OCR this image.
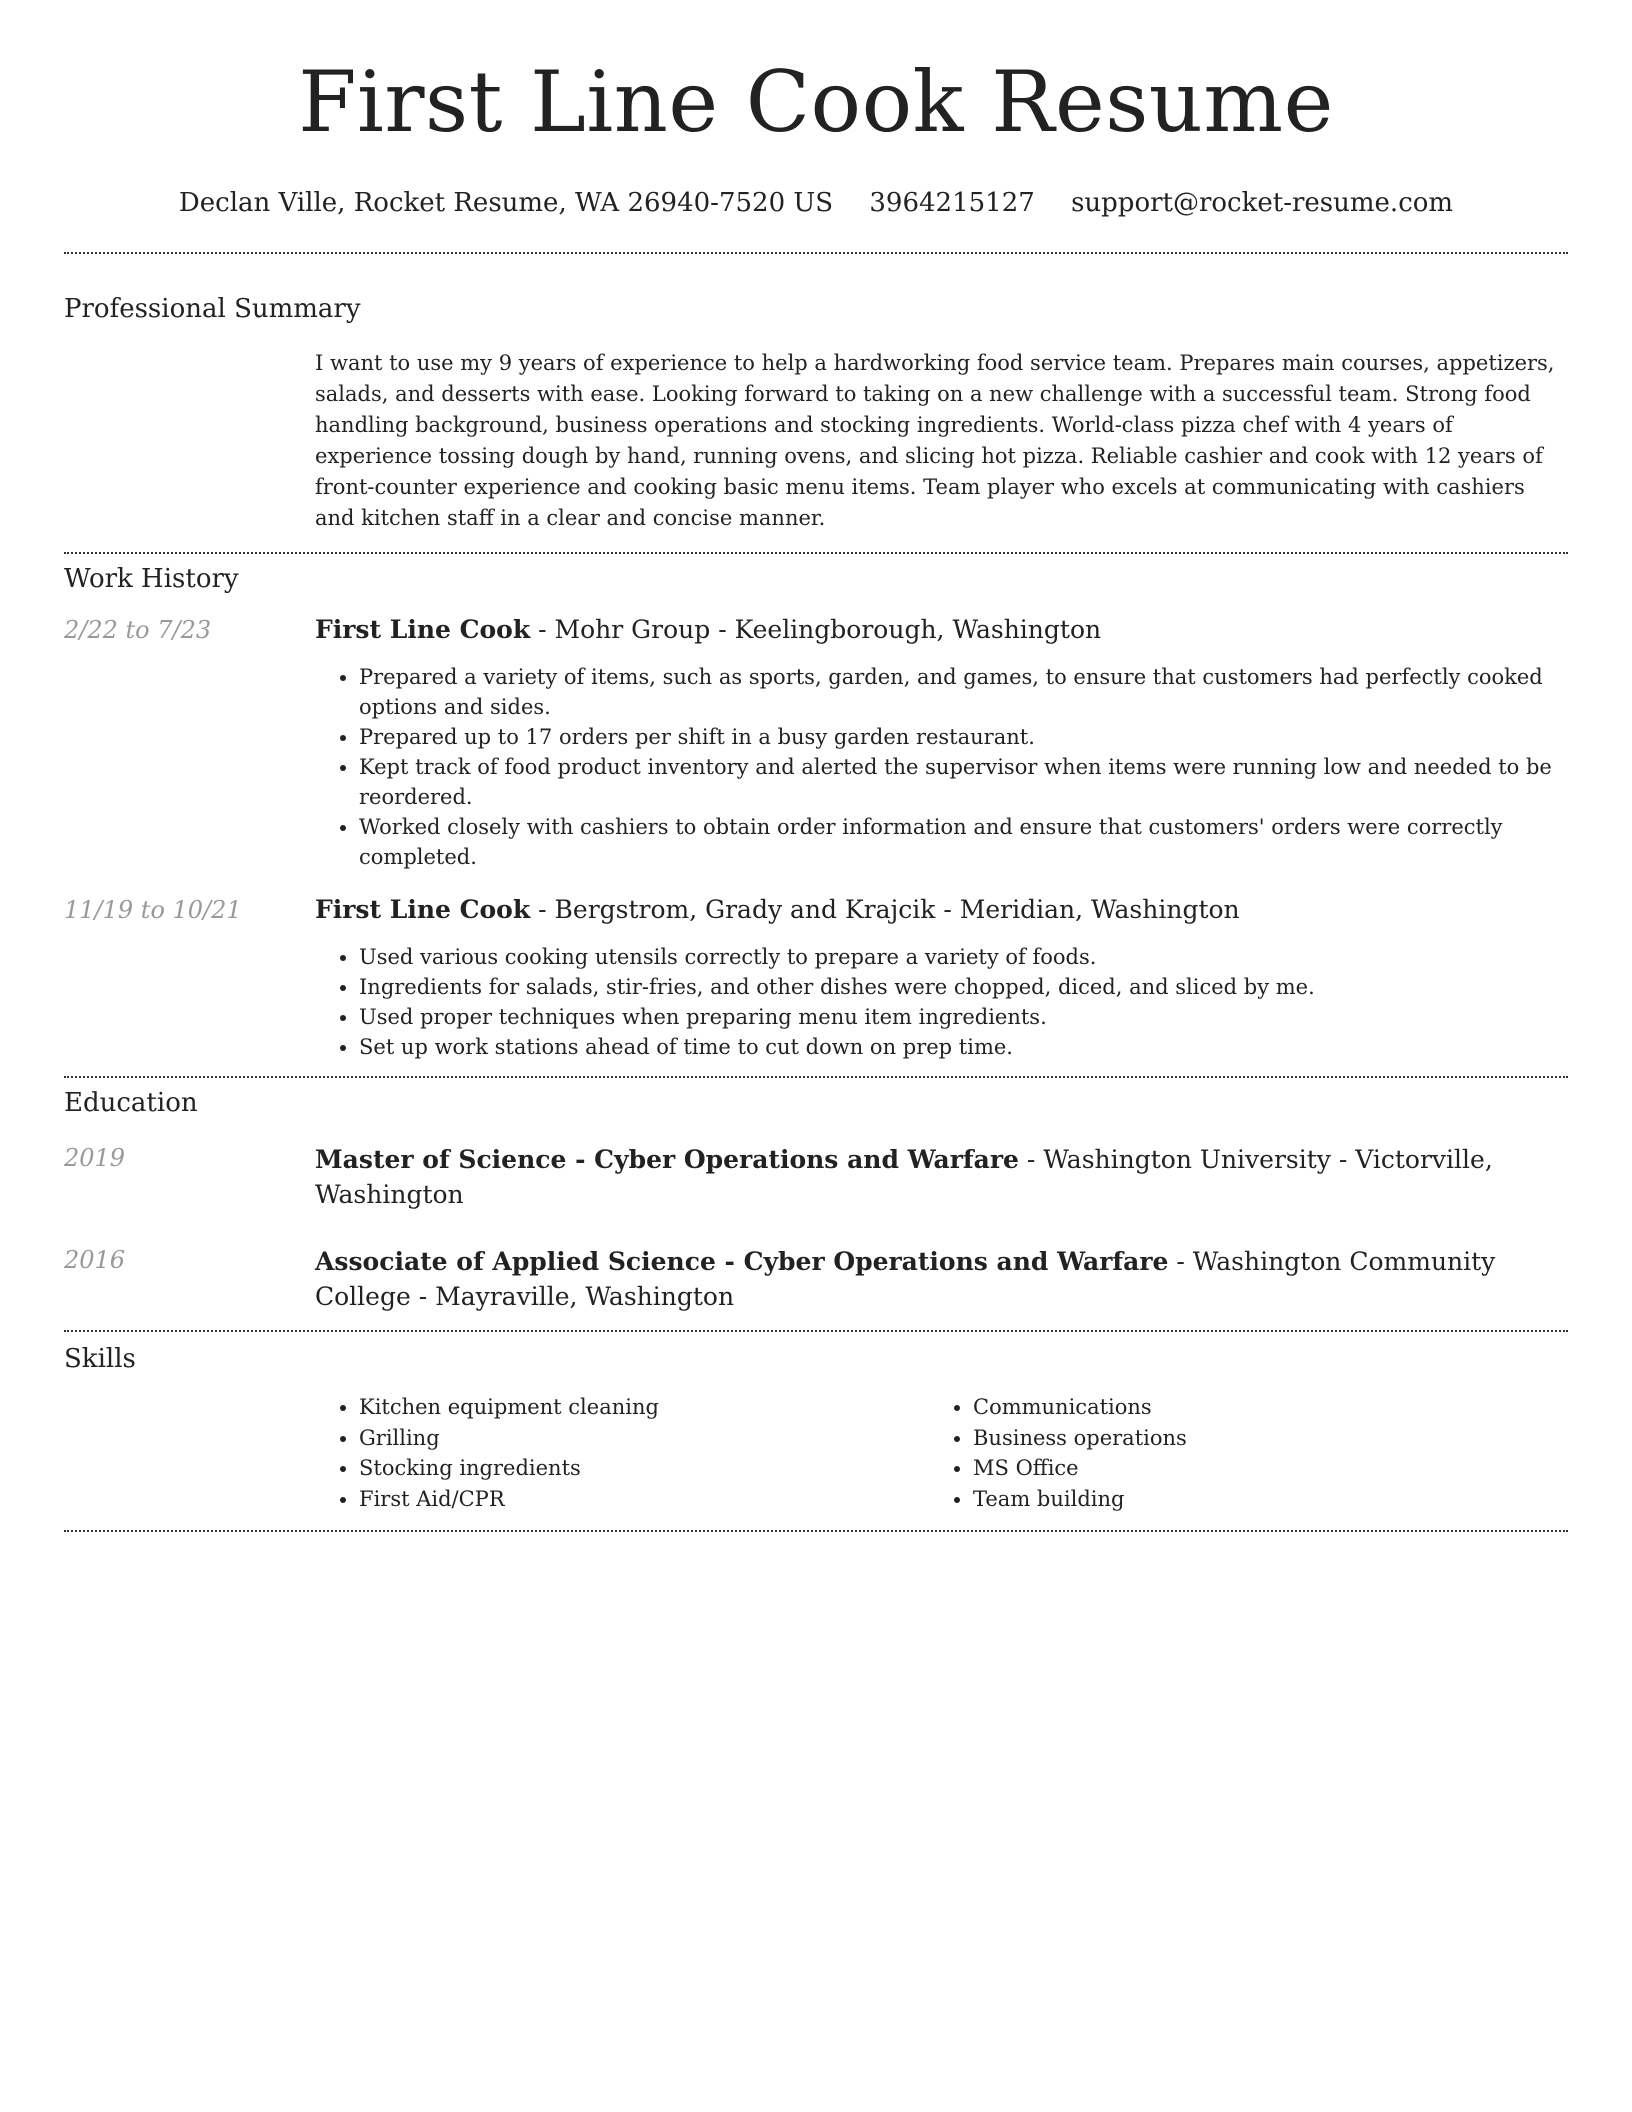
First Line Cook Resume
Declan Ville, Rocket Resume, WA 26940-7520 US 3964215127 support@rocket-resume.com
Professional Summary
I want to use my 9 years of experience to help a hardworking food service team. Prepares main courses, appetizers, salads, and desserts with ease. Looking forward to taking on a new challenge with a successful team. Strong food handling background, business operations and stocking ingredients. World-class pizza chef with 4 years of experience tossing dough by hand, running ovens, and slicing hot pizza. Reliable cashier and cook with 12 years of front-counter experience and cooking basic menu items. Team player who excels at communicating with cashiers and kitchen staff in a clear and concise manner.
Work History
2/22 to 7/23	First Line Cook - Mohr Group - Keelingborough, Washington
• Prepared a variety of items, such as sports, garden, and games, to ensure that customers had perfectly cooked options and sides.
• Prepared up to 17 orders per shift in a busy garden restaurant.
• Kept track of food product inventory and alerted the supervisor when items were running low and needed to be reordered.
• Worked closely with cashiers to obtain order information and ensure that customers' orders were correctly completed.
11/19 to 10/21	First Line Cook - Bergstrom, Grady and Krajcik - Meridian, Washington
• Used various cooking utensils correctly to prepare a variety of foods.
• Ingredients for salads, stir-fries, and other dishes were chopped, diced, and sliced by me.
• Used proper techniques when preparing menu item ingredients.
• Set up work stations ahead of time to cut down on prep time.
Education
2019	Master of Science - Cyber Operations and Warfare - Washington University - Victorville, Washington
2016	Associate of Applied Science - Cyber Operations and Warfare - Washington Community College - Mayraville, Washington
Skills
• Kitchen equipment cleaning
• Grilling
• Stocking ingredients
• First Aid/CPR
• Communications
• Business operations
• MS Office
• Team building
